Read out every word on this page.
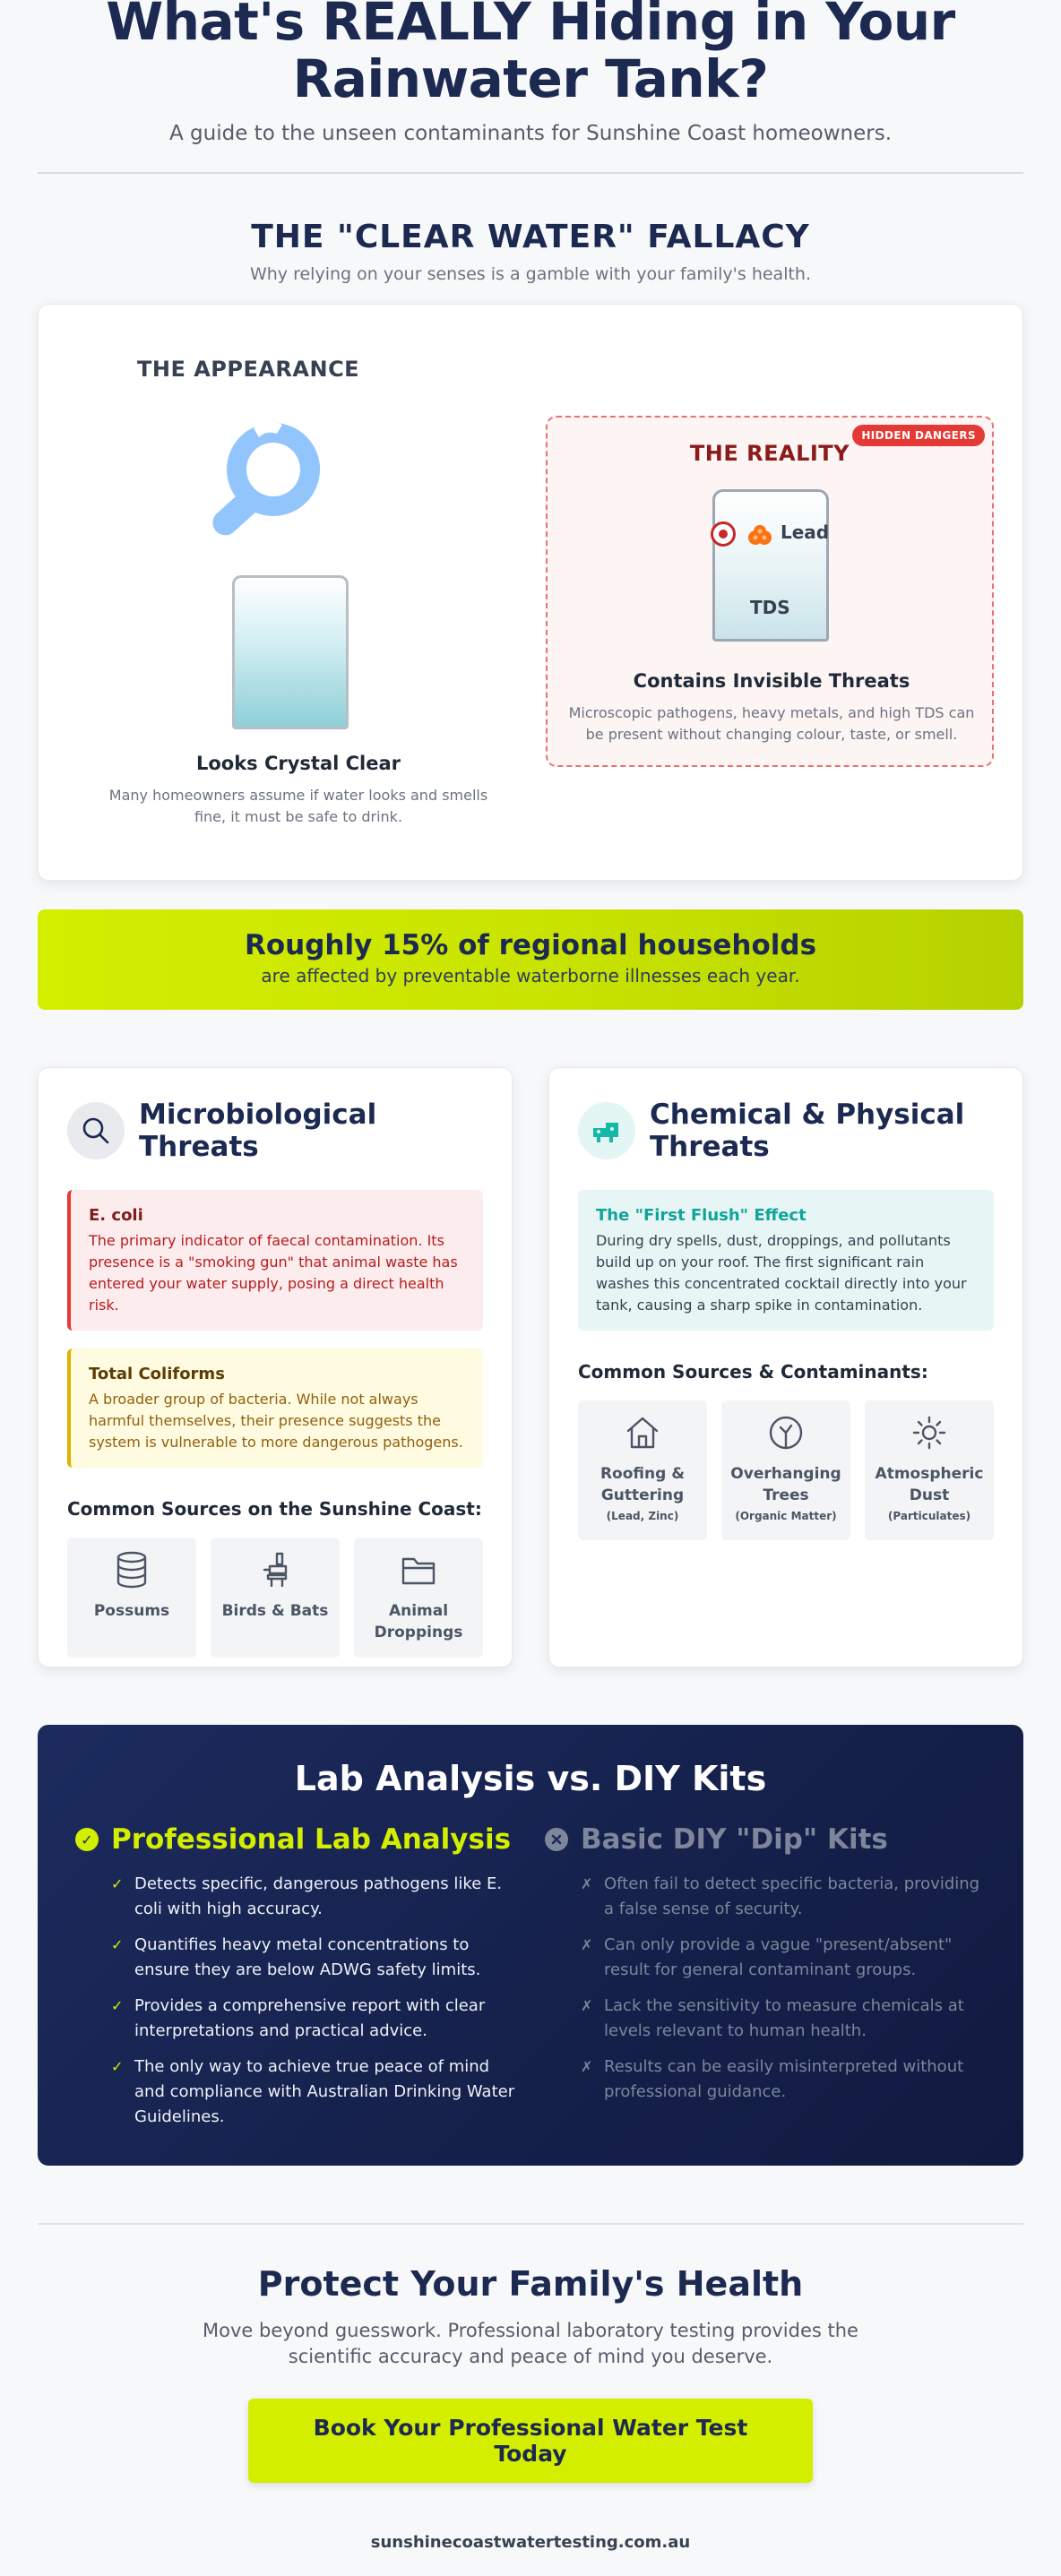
What's REALLY Hiding in Your Rainwater Tank?

A guide to the unseen contaminants for Sunshine Coast homeowners.

THE "CLEAR WATER" FALLACY

Why relying on your senses is a gamble with your family's health.

THE APPEARANCE
Looks Crystal Clear
Many homeowners assume if water looks and smells fine, it must be safe to drink.
HIDDEN DANGERS
THE REALITY
Lead
TDS
Contains Invisible Threats
Microscopic pathogens, heavy metals, and high TDS can be present without changing colour, taste, or smell.
Roughly 15% of regional households
are affected by preventable waterborne illnesses each year.
Microbiological Threats
E. coli
The primary indicator of faecal contamination. Its presence is a "smoking gun" that animal waste has entered your water supply, posing a direct health risk.
Total Coliforms
A broader group of bacteria. While not always harmful themselves, their presence suggests the system is vulnerable to more dangerous pathogens.
Common Sources on the Sunshine Coast:
Possums	Birds & Bats	Animal Droppings
Chemical & Physical Threats
The "First Flush" Effect
During dry spells, dust, droppings, and pollutants build up on your roof. The first significant rain washes this concentrated cocktail directly into your tank, causing a sharp spike in contamination.
Common Sources & Contaminants:
Roofing & Guttering
(Lead, Zinc)
Overhanging Trees
(Organic Matter)
Atmospheric Dust
(Particulates)
Lab Analysis vs. DIY Kits
✓ Professional Lab Analysis
✓ Detects specific, dangerous pathogens like E. coli with high accuracy.
✓ Quantifies heavy metal concentrations to ensure they are below ADWG safety limits.
✓ Provides a comprehensive report with clear interpretations and practical advice.
✓ The only way to achieve true peace of mind and compliance with Australian Drinking Water Guidelines.
Basic DIY "Dip" Kits
✗ Often fail to detect specific bacteria, providing a false sense of security.
✗ Can only provide a vague "present/absent" result for general contaminant groups.
✗ Lack the sensitivity to measure chemicals at levels relevant to human health.
✗ Results can be easily misinterpreted without professional guidance.
Protect Your Family's Health

Move beyond guesswork. Professional laboratory testing provides the scientific accuracy and peace of mind you deserve.

Book Your Professional Water Test Today
sunshinecoastwatertesting.com.au
